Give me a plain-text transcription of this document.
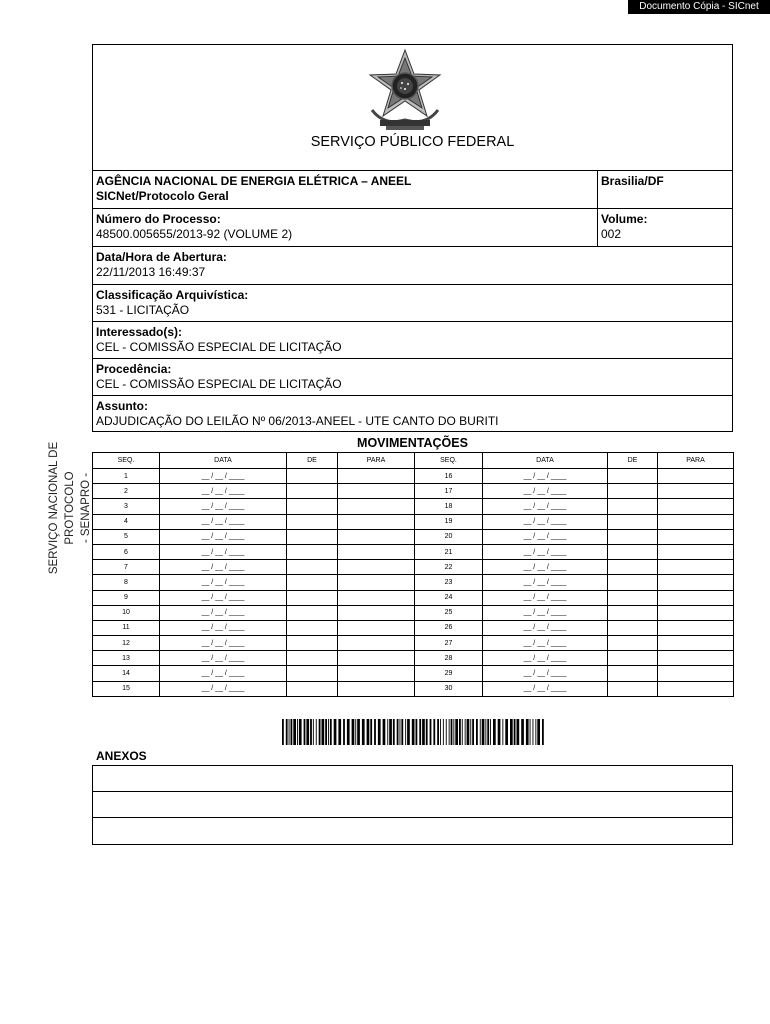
Documento Cópia - SICnet
SERVIÇO NACIONAL DE PROTOCOLO - SENAPRO -
SERVIÇO PÚBLICO FEDERAL
AGÊNCIA NACIONAL DE ENERGIA ELÉTRICA – ANEEL
SICNet/Protocolo Geral
Brasilia/DF
Número do Processo:
48500.005655/2013-92 (VOLUME 2)
Volume:
002
Data/Hora de Abertura:
22/11/2013 16:49:37
Classificação Arquivística:
531 - LICITAÇÃO
Interessado(s):
CEL - COMISSÃO ESPECIAL DE LICITAÇÃO
Procedência:
CEL - COMISSÃO ESPECIAL DE LICITAÇÃO
Assunto:
ADJUDICAÇÃO DO LEILÃO Nº 06/2013-ANEEL - UTE CANTO DO BURITI
MOVIMENTAÇÕES
SEQ.	DATA	DE	PARA	SEQ.	DATA	DE	PARA
1	__ / __ / ____			16	__ / __ / ____		
2	__ / __ / ____			17	__ / __ / ____		
3	__ / __ / ____			18	__ / __ / ____		
4	__ / __ / ____			19	__ / __ / ____		
5	__ / __ / ____			20	__ / __ / ____		
6	__ / __ / ____			21	__ / __ / ____		
7	__ / __ / ____			22	__ / __ / ____		
8	__ / __ / ____			23	__ / __ / ____		
9	__ / __ / ____			24	__ / __ / ____		
10	__ / __ / ____			25	__ / __ / ____		
11	__ / __ / ____			26	__ / __ / ____		
12	__ / __ / ____			27	__ / __ / ____		
13	__ / __ / ____			28	__ / __ / ____		
14	__ / __ / ____			29	__ / __ / ____		
15	__ / __ / ____			30	__ / __ / ____		
ANEXOS
